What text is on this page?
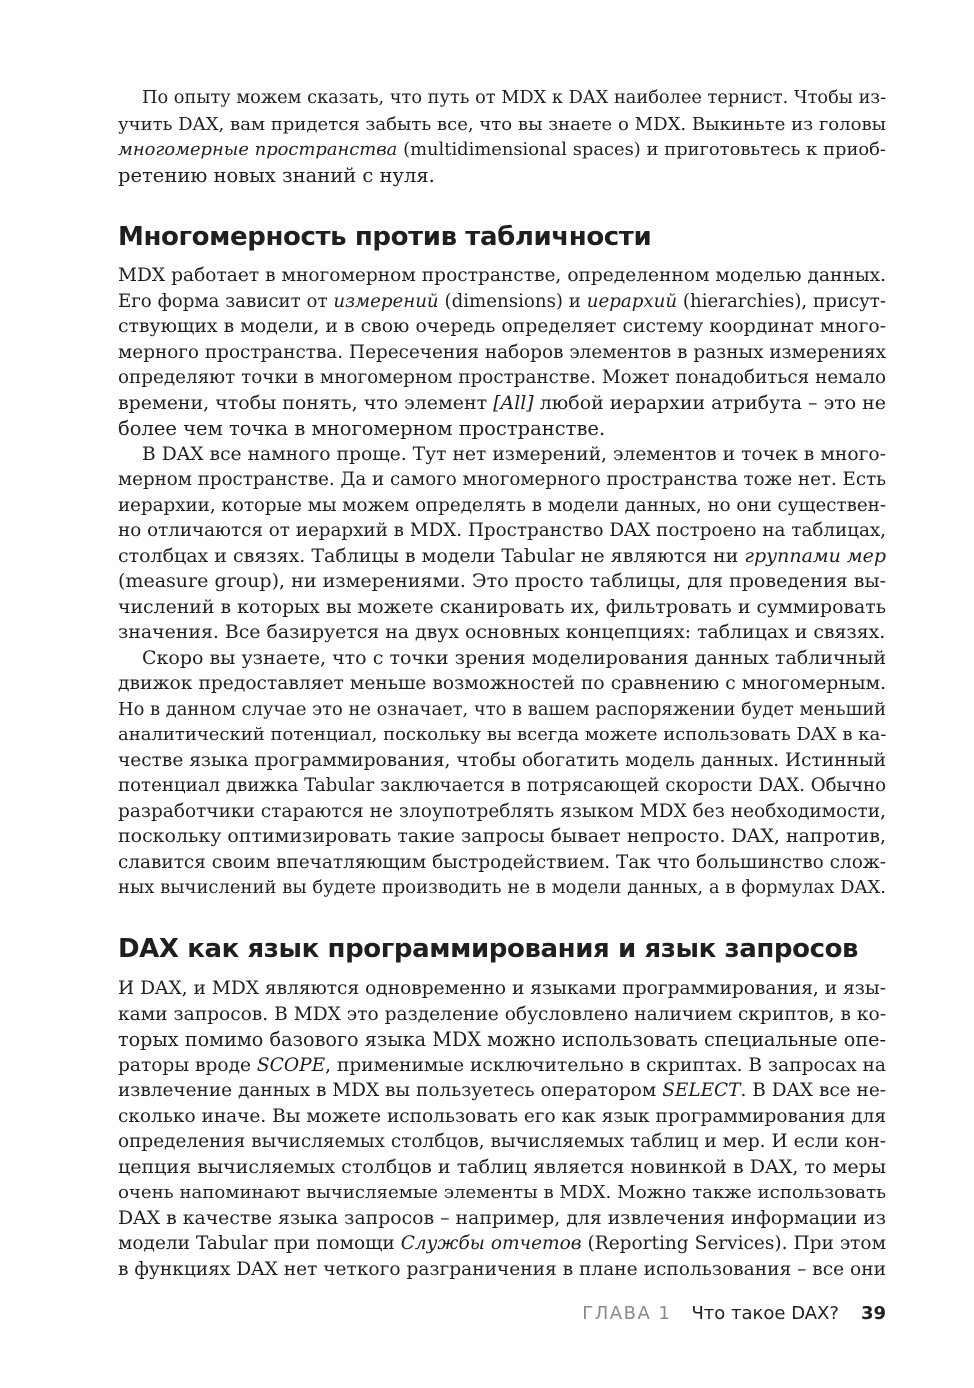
По опыту можем сказать, что путь от MDX к DAX наиболее тернист. Чтобы из-
учить DAX, вам придется забыть все, что вы знаете о MDX. Выкиньте из головы
многомерные пространства (multidimensional spaces) и приготовьтесь к приоб-
ретению новых знаний с нуля.
Многомерность против табличности
MDX работает в многомерном пространстве, определенном моделью данных.
Его форма зависит от измерений (dimensions) и иерархий (hierarchies), присут-
ствующих в модели, и в свою очередь определяет систему координат много-
мерного пространства. Пересечения наборов элементов в разных измерениях
определяют точки в многомерном пространстве. Может понадобиться немало
времени, чтобы понять, что элемент [All] любой иерархии атрибута – это не
более чем точка в многомерном пространстве.
В DAX все намного проще. Тут нет измерений, элементов и точек в много-
мерном пространстве. Да и самого многомерного пространства тоже нет. Есть
иерархии, которые мы можем определять в модели данных, но они существен-
но отличаются от иерархий в MDX. Пространство DAX построено на таблицах,
столбцах и связях. Таблицы в модели Tabular не являются ни группами мер
(measure group), ни измерениями. Это просто таблицы, для проведения вы-
числений в которых вы можете сканировать их, фильтровать и суммировать
значения. Все базируется на двух основных концепциях: таблицах и связях.
Скоро вы узнаете, что с точки зрения моделирования данных табличный
движок предоставляет меньше возможностей по сравнению с многомерным.
Но в данном случае это не означает, что в вашем распоряжении будет меньший
аналитический потенциал, поскольку вы всегда можете использовать DAX в ка-
честве языка программирования, чтобы обогатить модель данных. Истинный
потенциал движка Tabular заключается в потрясающей скорости DAX. Обычно
разработчики стараются не злоупотреблять языком MDX без необходимости,
поскольку оптимизировать такие запросы бывает непросто. DAX, напротив,
славится своим впечатляющим быстродействием. Так что большинство слож-
ных вычислений вы будете производить не в модели данных, а в формулах DAX.
DAX как язык программирования и язык запросов
И DAX, и MDX являются одновременно и языками программирования, и язы-
ками запросов. В MDX это разделение обусловлено наличием скриптов, в ко-
торых помимо базового языка MDX можно использовать специальные опе-
раторы вроде SCOPE, применимые исключительно в скриптах. В запросах на
извлечение данных в MDX вы пользуетесь оператором SELECT. В DAX все не-
сколько иначе. Вы можете использовать его как язык программирования для
определения вычисляемых столбцов, вычисляемых таблиц и мер. И если кон-
цепция вычисляемых столбцов и таблиц является новинкой в DAX, то меры
очень напоминают вычисляемые элементы в MDX. Можно также использовать
DAX в качестве языка запросов – например, для извлечения информации из
модели Tabular при помощи Службы отчетов (Reporting Services). При этом
в функциях DAX нет четкого разграничения в плане использования – все они
ГЛАВА 1 Что такое DAX? 39
